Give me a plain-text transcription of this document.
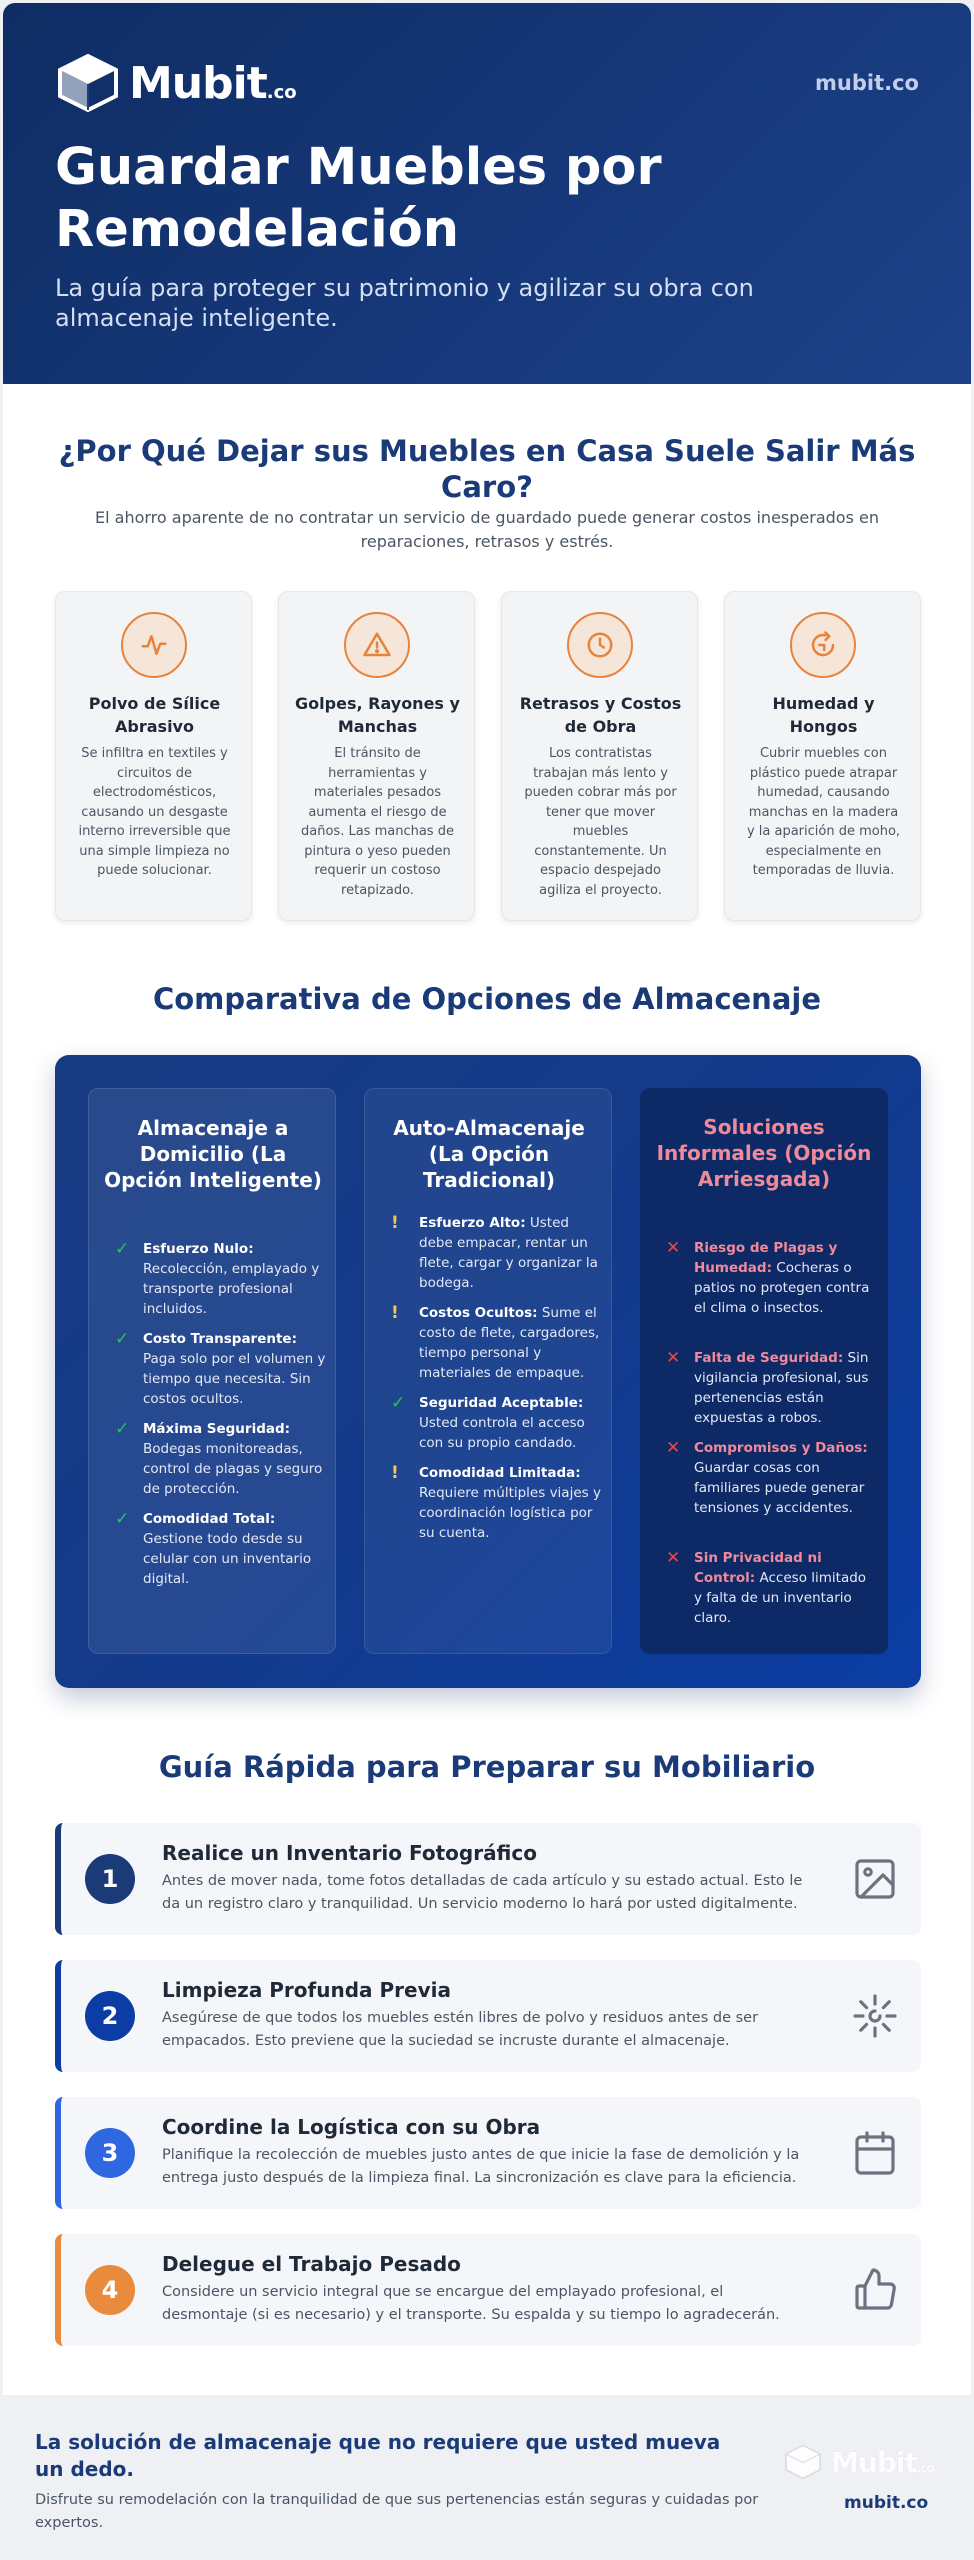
Mubit.co	mubit.co
Guardar Muebles por Remodelación

La guía para proteger su patrimonio y agilizar su obra con almacenaje inteligente.

¿Por Qué Dejar sus Muebles en Casa Suele Salir Más Caro?

El ahorro aparente de no contratar un servicio de guardado puede generar costos inesperados en reparaciones, retrasos y estrés.

Polvo de Sílice Abrasivo

Se infiltra en textiles y circuitos de electrodomésticos, causando un desgaste interno irreversible que una simple limpieza no puede solucionar.

Golpes, Rayones y Manchas

El tránsito de herramientas y materiales pesados aumenta el riesgo de daños. Las manchas de pintura o yeso pueden requerir un costoso retapizado.

Retrasos y Costos de Obra

Los contratistas trabajan más lento y pueden cobrar más por tener que mover muebles constantemente. Un espacio despejado agiliza el proyecto.

Humedad y Hongos

Cubrir muebles con plástico puede atrapar humedad, causando manchas en la madera y la aparición de moho, especialmente en temporadas de lluvia.

Comparativa de Opciones de Almacenaje
Almacenaje a Domicilio (La Opción Inteligente)
✓ Esfuerzo Nulo: Recolección, emplayado y transporte profesional incluidos.
✓ Costo Transparente: Paga solo por el volumen y tiempo que necesita. Sin costos ocultos.
✓ Máxima Seguridad: Bodegas monitoreadas, control de plagas y seguro de protección.
✓ Comodidad Total: Gestione todo desde su celular con un inventario digital.
Auto-Almacenaje (La Opción Tradicional)
!	Esfuerzo Alto: Usted debe empacar, rentar un flete, cargar y organizar la bodega.
!	Costos Ocultos: Sume el costo de flete, cargadores, tiempo personal y materiales de empaque.
✓ Seguridad Aceptable: Usted controla el acceso con su propio candado.
!	Comodidad Limitada: Requiere múltiples viajes y coordinación logística por su cuenta.
Soluciones Informales (Opción Arriesgada)
✕ Riesgo de Plagas y Humedad: Cocheras o patios no protegen contra el clima o insectos.
✕ Falta de Seguridad: Sin vigilancia profesional, sus pertenencias están expuestas a robos.
✕ Compromisos y Daños: Guardar cosas con familiares puede generar tensiones y accidentes.
✕ Sin Privacidad ni Control: Acceso limitado y falta de un inventario claro.
Guía Rápida para Preparar su Mobiliario
1
Realice un Inventario Fotográfico

Antes de mover nada, tome fotos detalladas de cada artículo y su estado actual. Esto le da un registro claro y tranquilidad. Un servicio moderno lo hará por usted digitalmente.

2
Limpieza Profunda Previa

Asegúrese de que todos los muebles estén libres de polvo y residuos antes de ser empacados. Esto previene que la suciedad se incruste durante el almacenaje.

3
Coordine la Logística con su Obra

Planifique la recolección de muebles justo antes de que inicie la fase de demolición y la entrega justo después de la limpieza final. La sincronización es clave para la eficiencia.

4
Delegue el Trabajo Pesado

Considere un servicio integral que se encargue del emplayado profesional, el desmontaje (si es necesario) y el transporte. Su espalda y su tiempo lo agradecerán.

La solución de almacenaje que no requiere que usted mueva un dedo.
Disfrute su remodelación con la tranquilidad de que sus pertenencias están seguras y cuidadas por expertos.
Mubit.co
mubit.co
